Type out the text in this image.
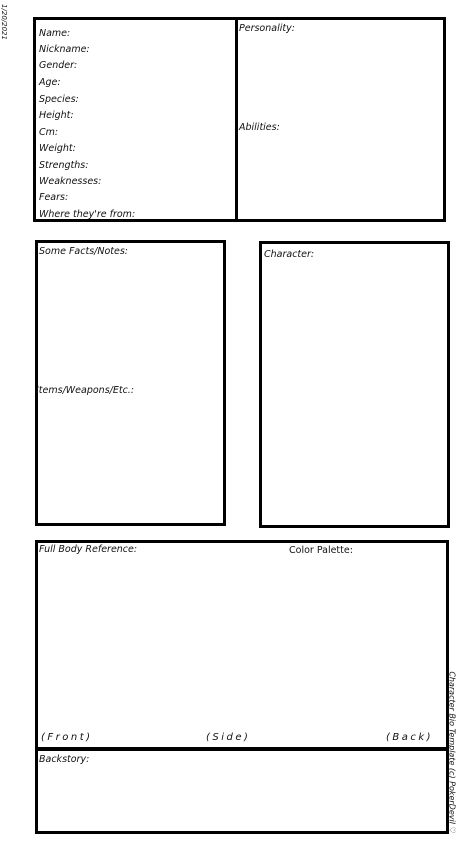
1/20/2021	Name:
Nickname:
Gender:
Age:
Species:
Height:
Cm:
Weight:
Strengths:
Weaknesses:
Fears:
Where they're from:
Personality:
Abilities:
Some Facts/Notes:
Items/Weapons/Etc.:
Character:
Full Body Reference:	Color Palette:
(Front)	(Side)	(Back)
Backstory:	Character Bio Template (c) PokerDevil ♡
